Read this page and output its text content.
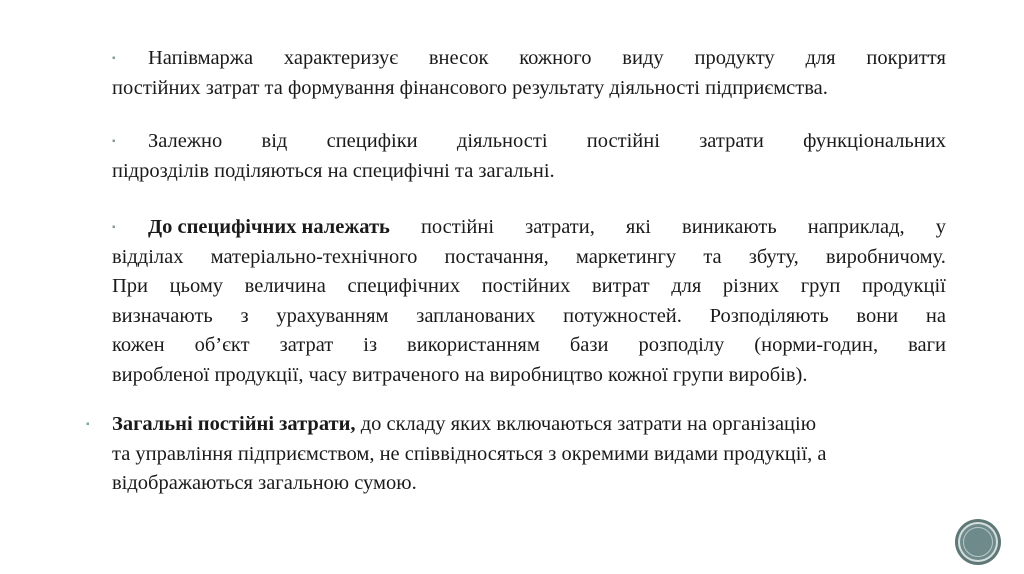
▪ Напівмаржа характеризує внесок кожного виду продукту для покриття
постійних затрат та формування фінансового результату діяльності підприємства.
▪ Залежно від специфіки діяльності постійні затрати функціональних
підрозділів поділяються на специфічні та загальні.
▪ До специфічних належать постійні затрати, які виникають наприклад, у
відділах матеріально-технічного постачання, маркетингу та збуту, виробничому.
При цьому величина специфічних постійних витрат для різних груп продукції
визначають з урахуванням запланованих потужностей. Розподіляють вони на
кожен об’єкт затрат із використанням бази розподілу (норми-годин, ваги
виробленої продукції, часу витраченого на виробництво кожної групи виробів).
▪	Загальні постійні затрати, до складу яких включаються затрати на організацію
та управління підприємством, не співвідносяться з окремими видами продукції, а
відображаються загальною сумою.
